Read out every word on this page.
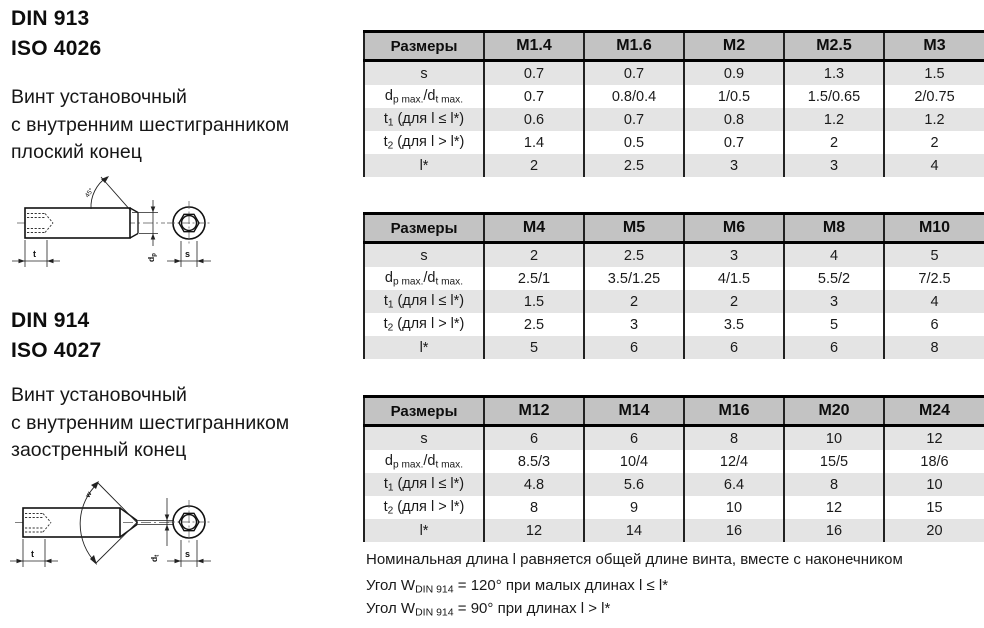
DIN 913
ISO 4026
Винт установочный
с внутренним шестигранником
плоский конец
45°
t
dp	s
DIN 914
ISO 4027
Винт установочный
с внутренним шестигранником
заостренный конец
w
t
dt	s
Размеры	M1.4	M1.6	M2	M2.5	M3
s	0.7	0.7	0.9	1.3	1.5
$d_{p max.}/d_{t max.}$	0.7	0.8/0.4	1/0.5	1.5/0.65	2/0.75
$t_1$ (для l ≤ l*)	0.6	0.7	0.8	1.2	1.2
$t_2$ (для l > l*)	1.4	0.5	0.7	2	2
l*	2	2.5	3	3	4
Размеры	M4	M5	M6	M8	M10
s	2	2.5	3	4	5
$d_{p max.}/d_{t max.}$	2.5/1	3.5/1.25	4/1.5	5.5/2	7/2.5
$t_1$ (для l ≤ l*)	1.5	2	2	3	4
$t_2$ (для l > l*)	2.5	3	3.5	5	6
l*	5	6	6	6	8
Размеры	M12	M14	M16	M20	M24
s	6	6	8	10	12
$d_{p max.}/d_{t max.}$	8.5/3	10/4	12/4	15/5	18/6
$t_1$ (для l ≤ l*)	4.8	5.6	6.4	8	10
$t_2$ (для l > l*)	8	9	10	12	15
l*	12	14	16	16	20
Номинальная длина l равняется общей длине винта, вместе с наконечником
Угол $W_{DIN 914} = 120^\circ$ при малых длинах l ≤ l*
Угол $W_{DIN 914} = 90^\circ$ при длинах l > l*
